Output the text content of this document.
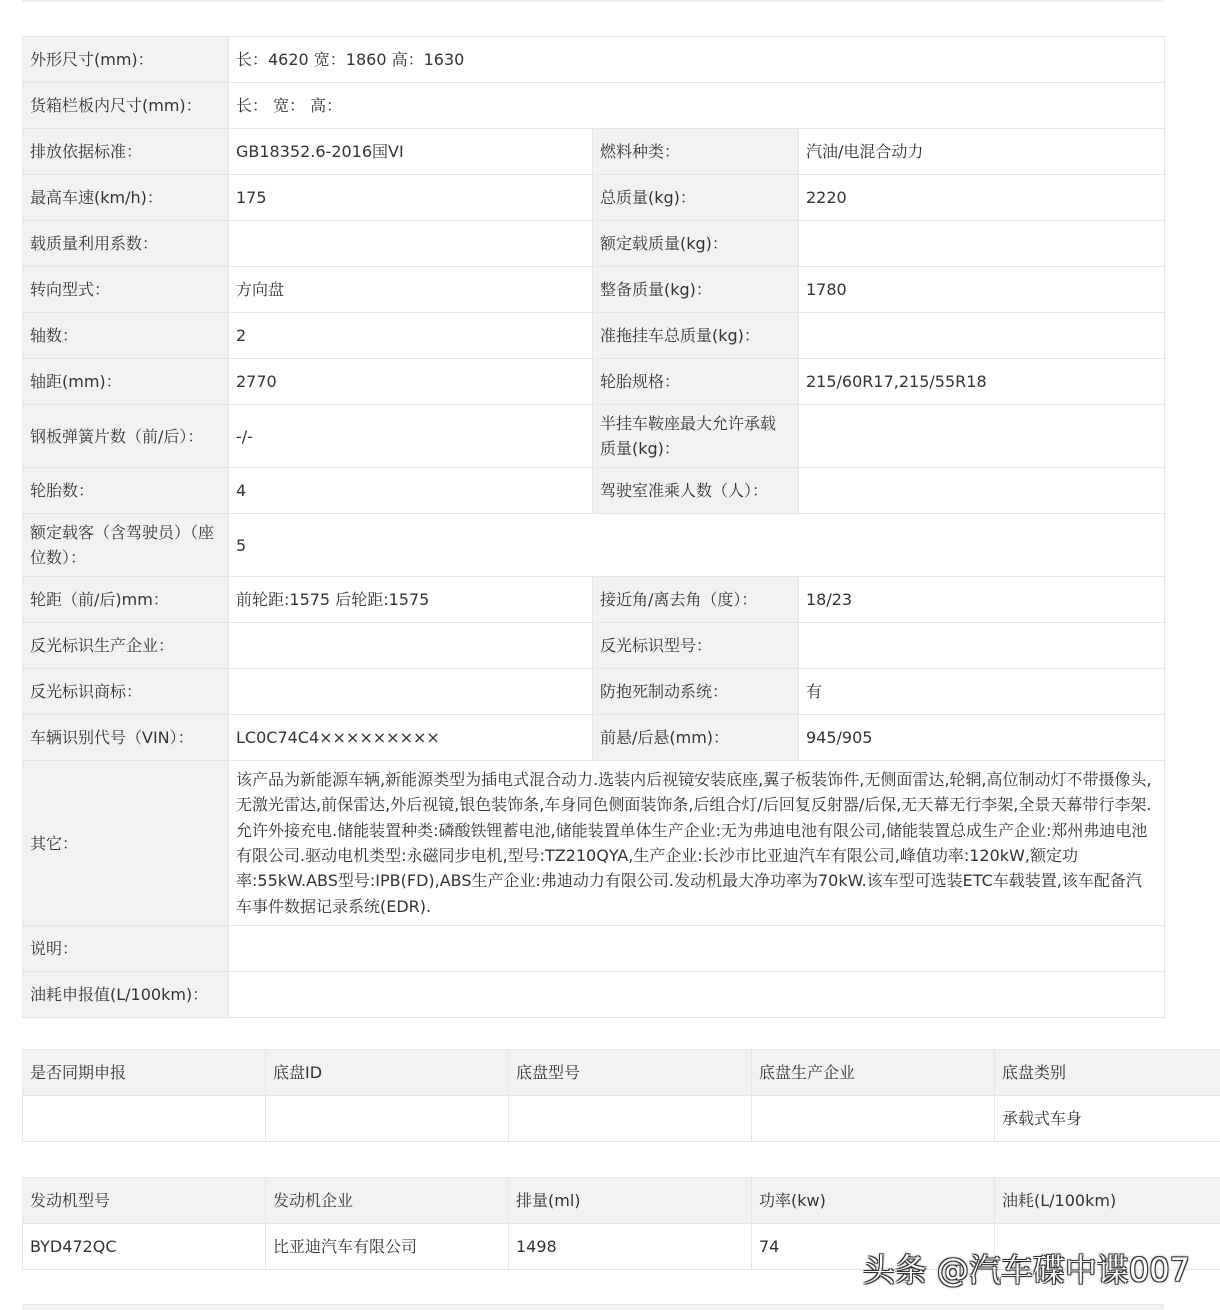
外形尺寸(mm)：	长：4620 宽：1860 高：1630		
货箱栏板内尺寸(mm)：	长： 宽： 高：		
排放依据标准：	GB18352.6-2016国VI	燃料种类：	汽油/电混合动力
最高车速(km/h)：	175	总质量(kg)：	2220
载质量利用系数：		额定载质量(kg)：	
转向型式：	方向盘	整备质量(kg)：	1780
轴数：	2	准拖挂车总质量(kg)：	
轴距(mm)：	2770	轮胎规格：	215/60R17,215/55R18
钢板弹簧片数（前/后）：	-/-	半挂车鞍座最大允许承载质量(kg)：	
轮胎数：	4	驾驶室准乘人数（人）：	
额定载客（含驾驶员）（座位数）：	5		
轮距（前/后)mm：	前轮距:1575 后轮距:1575	接近角/离去角（度）：	18/23
反光标识生产企业：		反光标识型号：	
反光标识商标：		防抱死制动系统：	有
车辆识别代号（VIN）：	LC0C74C4×××××××××	前悬/后悬(mm)：	945/905
其它：	该产品为新能源车辆,新能源类型为插电式混合动力.选装内后视镜安装底座,翼子板装饰件,无侧面雷达,轮辋,高位制动灯不带摄像头,无激光雷达,前保雷达,外后视镜,银色装饰条,车身同色侧面装饰条,后组合灯/后回复反射器/后保,无天幕无行李架,全景天幕带行李架.允许外接充电.储能装置种类:磷酸铁锂蓄电池,储能装置单体生产企业:无为弗迪电池有限公司,储能装置总成生产企业:郑州弗迪电池有限公司.驱动电机类型:永磁同步电机,型号:TZ210QYA,生产企业:长沙市比亚迪汽车有限公司,峰值功率:120kW,额定功率:55kW.ABS型号:IPB(FD),ABS生产企业:弗迪动力有限公司.发动机最大净功率为70kW.该车型可选装ETC车载装置,该车配备汽车事件数据记录系统(EDR).		
说明：			
油耗申报值(L/100km)：			
是否同期申报	底盘ID	底盘型号	底盘生产企业	底盘类别
				承载式车身
发动机型号	发动机企业	排量(ml)	功率(kw)	油耗(L/100km)
BYD472QC	比亚迪汽车有限公司	1498	74	
头条 @汽车碟中谍007
